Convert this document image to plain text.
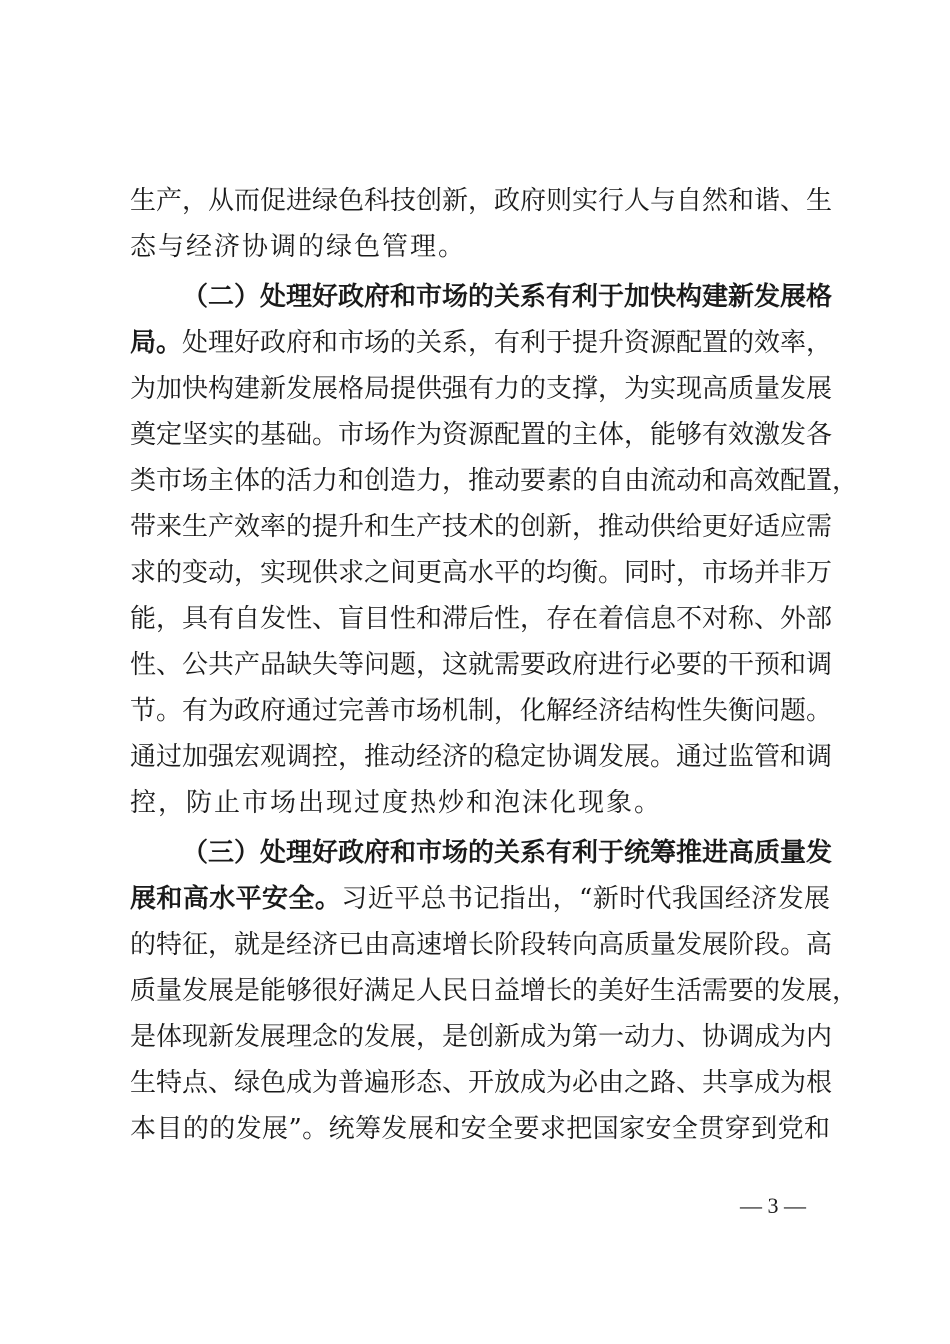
生产，从而促进绿色科技创新，政府则实行人与自然和谐、生
态与经济协调的绿色管理。
（二）处理好政府和市场的关系有利于加快构建新发展格
局。处理好政府和市场的关系，有利于提升资源配置的效率，
为加快构建新发展格局提供强有力的支撑，为实现高质量发展
奠定坚实的基础。市场作为资源配置的主体，能够有效激发各
类市场主体的活力和创造力，推动要素的自由流动和高效配置，
带来生产效率的提升和生产技术的创新，推动供给更好适应需
求的变动，实现供求之间更高水平的均衡。同时，市场并非万
能，具有自发性、盲目性和滞后性，存在着信息不对称、外部
性、公共产品缺失等问题，这就需要政府进行必要的干预和调
节。有为政府通过完善市场机制，化解经济结构性失衡问题。
通过加强宏观调控，推动经济的稳定协调发展。通过监管和调
控，防止市场出现过度热炒和泡沫化现象。
（三）处理好政府和市场的关系有利于统筹推进高质量发
展和高水平安全。习近平总书记指出，“新时代我国经济发展
的特征，就是经济已由高速增长阶段转向高质量发展阶段。高
质量发展是能够很好满足人民日益增长的美好生活需要的发展，
是体现新发展理念的发展，是创新成为第一动力、协调成为内
生特点、绿色成为普遍形态、开放成为必由之路、共享成为根
本目的的发展”。统筹发展和安全要求把国家安全贯穿到党和
— 3 —
